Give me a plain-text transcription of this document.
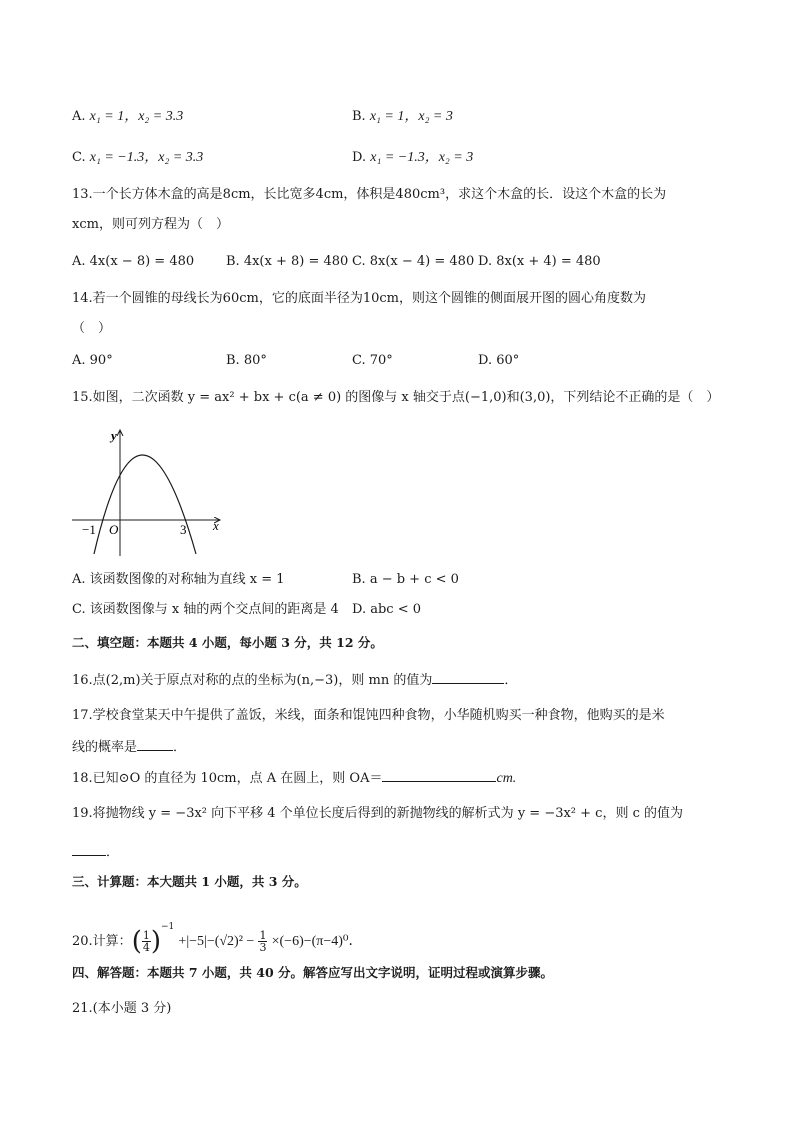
A. x₁ = 1，x₂ = 3.3	B. x₁ = 1，x₂ = 3
C. x₁ = −1.3，x₂ = 3.3	D. x₁ = −1.3，x₂ = 3
13.一个长方体木盒的高是8cm，长比宽多4cm，体积是480cm³，求这个木盒的长．设这个木盒的长为
xcm，则可列方程为（　）
A. 4x(x − 8) = 480 B. 4x(x + 8) = 480 C. 8x(x − 4) = 480 D. 8x(x + 4) = 480
14.若一个圆锥的母线长为60cm，它的底面半径为10cm，则这个圆锥的侧面展开图的圆心角度数为
（　）
A. 90°	B. 80°	C. 70°	D. 60°
15.如图，二次函数 y = ax² + bx + c(a ≠ 0) 的图像与 x 轴交于点(−1,0)和(3,0)，下列结论不正确的是（　）
y
x
O
−1	3
A. 该函数图像的对称轴为直线 x = 1	B. a − b + c < 0
C. 该函数图像与 x 轴的两个交点间的距离是 4 D. abc < 0
二、填空题：本题共 4 小题，每小题 3 分，共 12 分。
16.点(2,m)关于原点对称的点的坐标为(n,−3)，则 mn 的值为	．
17.学校食堂某天中午提供了盖饭，米线，面条和馄饨四种食物，小华随机购买一种食物，他购买的是米
线的概率是	．
18.已知⊙O 的直径为 10cm，点 A 在圆上，则 OA＝	cm.
19.将抛物线 y = −3x² 向下平移 4 个单位长度后得到的新抛物线的解析式为 y = −3x² + c，则 c 的值为
．
三、计算题：本大题共 1 小题，共 3 分。
20.计算：( $\frac{1}{4} )^{-1} +|-5|-(√2)^2 - \frac{1}{3} \times(-6)-(\pi-4)^0$．
四、解答题：本题共 7 小题，共 40 分。解答应写出文字说明，证明过程或演算步骤。
21.(本小题 3 分)
